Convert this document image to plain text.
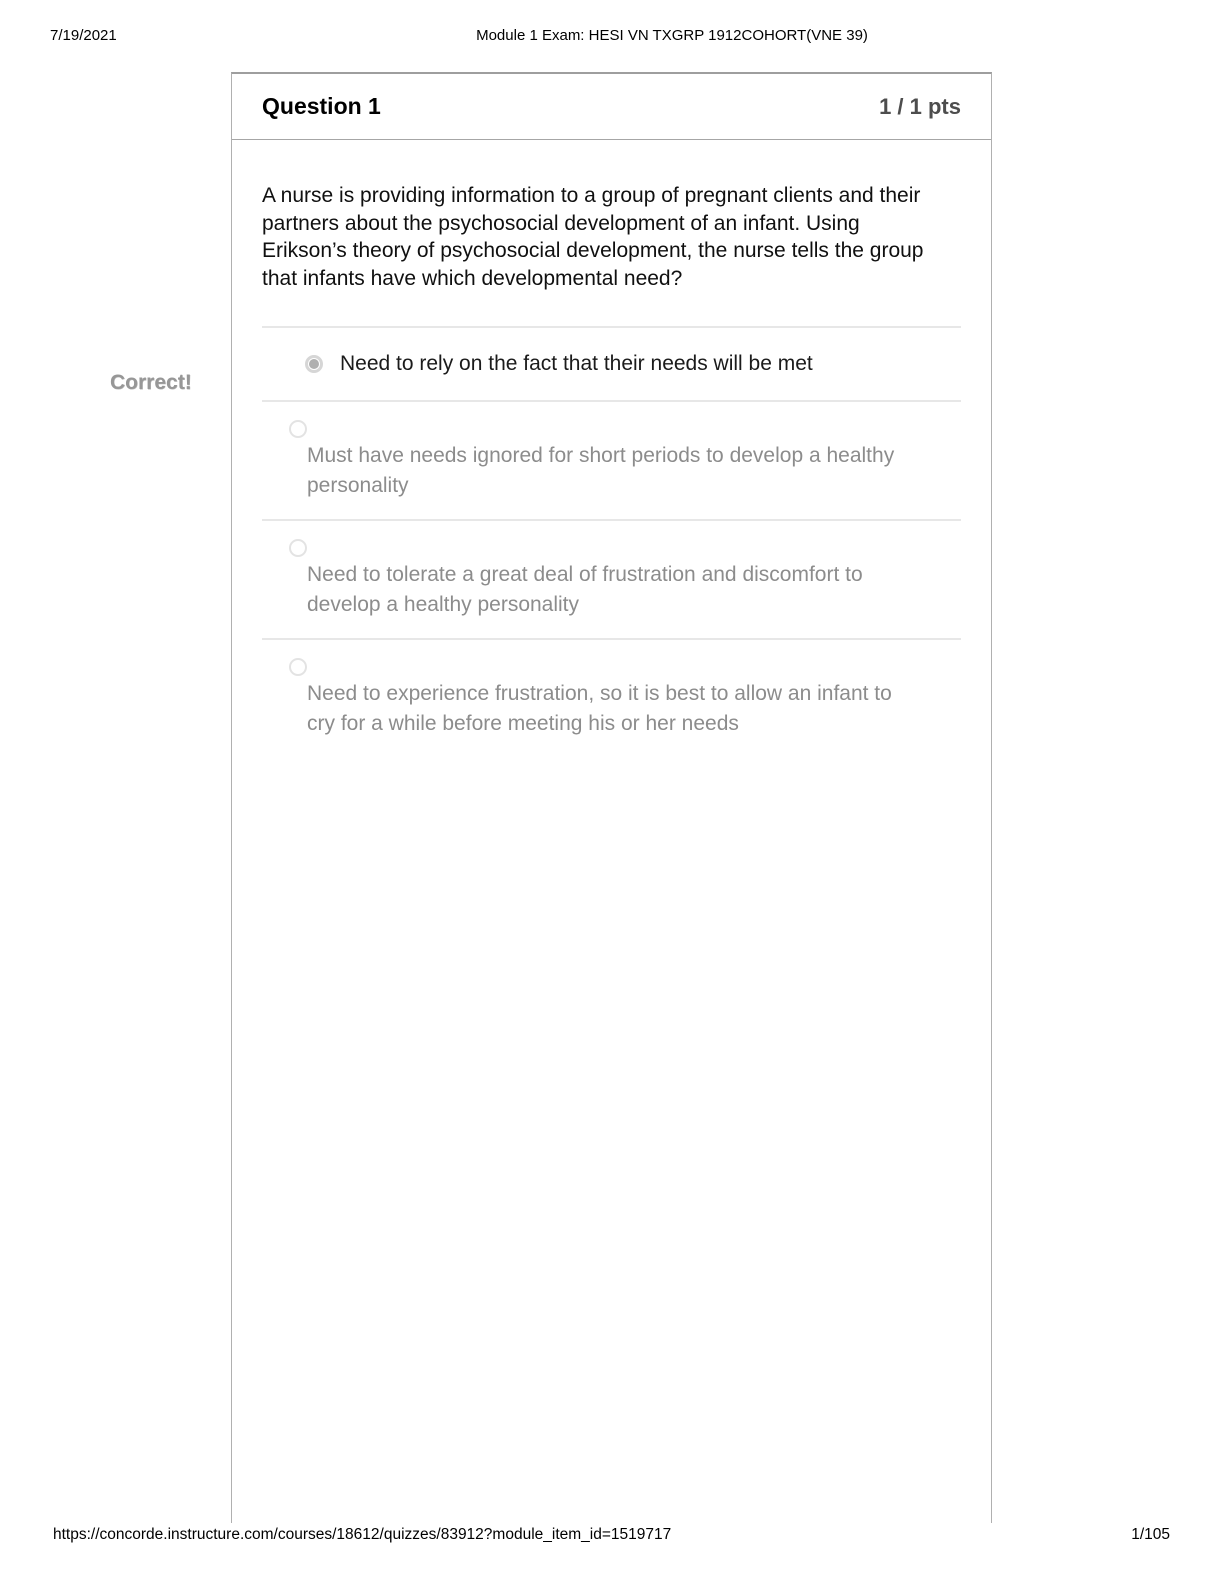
7/19/2021	Module 1 Exam: HESI VN TXGRP 1912COHORT(VNE 39)
Correct!
Question 1	1 / 1 pts
A nurse is providing information to a group of pregnant clients and their partners about the psychosocial development of an infant. Using Erikson’s theory of psychosocial development, the nurse tells the group that infants have which developmental need?
Need to rely on the fact that their needs will be met
Must have needs ignored for short periods to develop a healthy personality
Need to tolerate a great deal of frustration and discomfort to develop a healthy personality
Need to experience frustration, so it is best to allow an infant to cry for a while before meeting his or her needs
https://concorde.instructure.com/courses/18612/quizzes/83912?module_item_id=1519717	1/105
